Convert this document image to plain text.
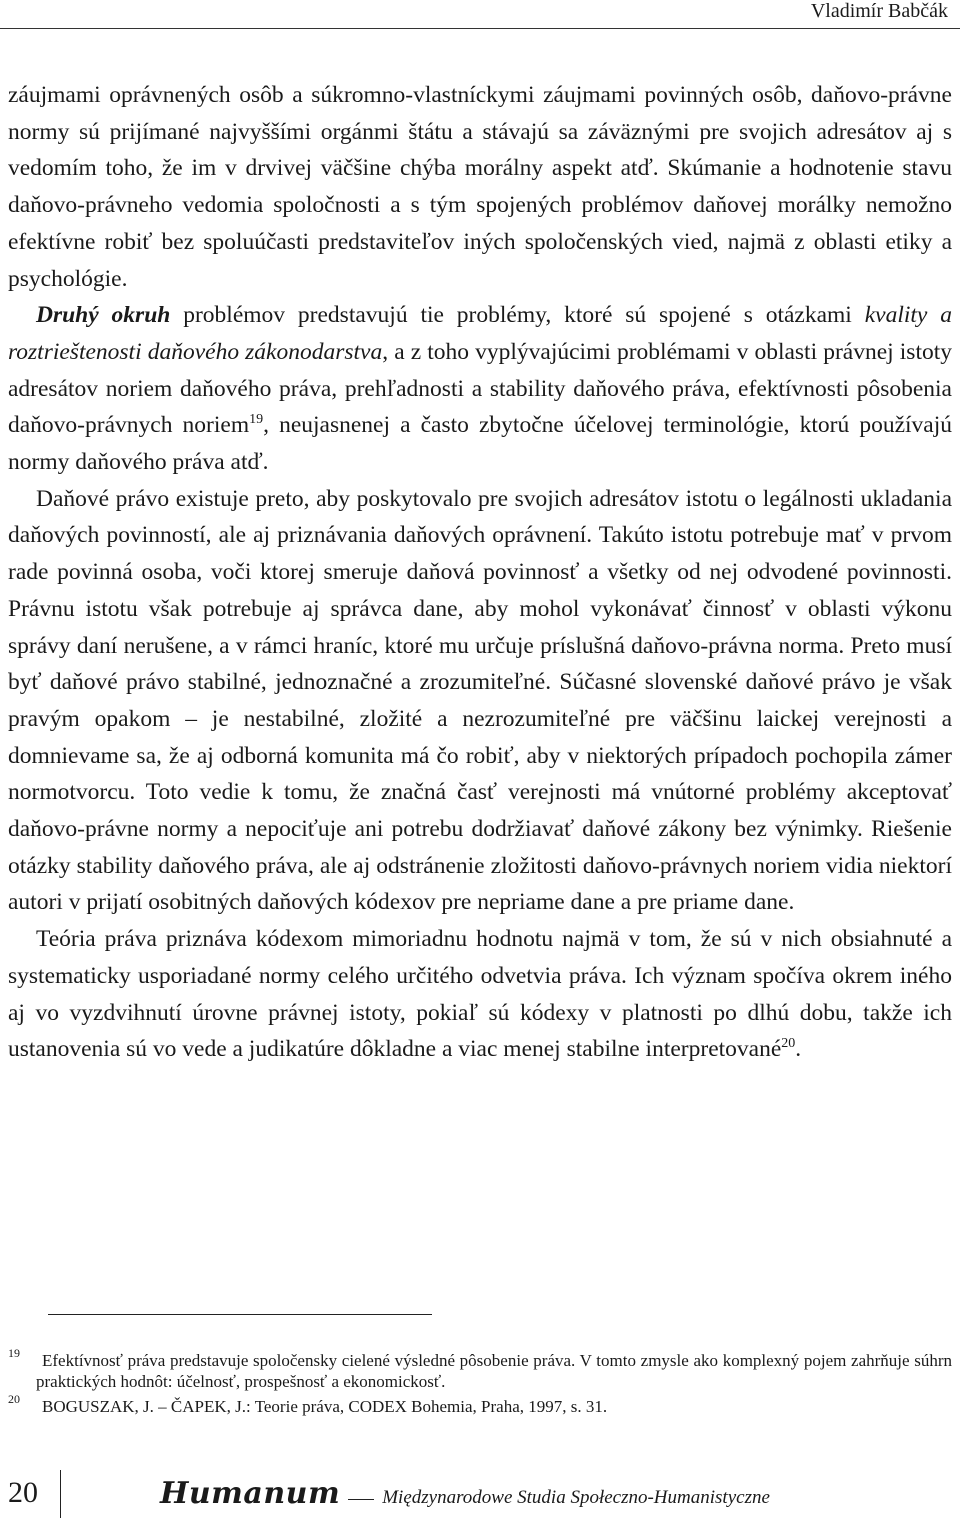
Vladimír Babčák

záujmami oprávnených osôb a súkromno-vlastníckymi záujmami povinných osôb, daňovo-právne normy sú prijímané najvyššími orgánmi štátu a stávajú sa záväznými pre svojich adresátov aj s vedomím toho, že im v drvivej väčšine chýba morálny aspekt atď. Skúmanie a hodnotenie stavu daňovo-právneho vedomia spoločnosti a s tým spojených problémov daňovej morálky nemožno efektívne robiť bez spoluúčasti predstaviteľov iných spoločenských vied, najmä z oblasti etiky a psychológie.

Druhý okruh problémov predstavujú tie problémy, ktoré sú spojené s otázkami kvality a roztrieštenosti daňového zákonodarstva, a z toho vyplývajúcimi problémami v oblasti právnej istoty adresátov noriem daňového práva, prehľadnosti a stability daňového práva, efektívnosti pôsobenia daňovo-právnych noriem$^{19}$, neujasnenej a často zbytočne účelovej terminológie, ktorú používajú normy daňového práva atď.

Daňové právo existuje preto, aby poskytovalo pre svojich adresátov istotu o legálnosti ukladania daňových povinností, ale aj priznávania daňových oprávnení. Takúto istotu potrebuje mať v prvom rade povinná osoba, voči ktorej smeruje daňová povinnosť a všetky od nej odvodené povinnosti. Právnu istotu však potrebuje aj správca dane, aby mohol vykonávať činnosť v oblasti výkonu správy daní nerušene, a v rámci hraníc, ktoré mu určuje príslušná daňovo-právna norma. Preto musí byť daňové právo stabilné, jednoznačné a zrozumiteľné. Súčasné slovenské daňové právo je však pravým opakom – je nestabilné, zložité a nezrozumiteľné pre väčšinu laickej verejnosti a domnievame sa, že aj odborná komunita má čo robiť, aby v niektorých prípadoch pochopila zámer normotvorcu. Toto vedie k tomu, že značná časť verejnosti má vnútorné problémy akceptovať daňovo-právne normy a nepociťuje ani potrebu dodržiavať daňové zákony bez výnimky. Riešenie otázky stability daňového práva, ale aj odstránenie zložitosti daňovo-právnych noriem vidia niektorí autori v prijatí osobitných daňových kódexov pre nepriame dane a pre priame dane.

Teória práva priznáva kódexom mimoriadnu hodnotu najmä v tom, že sú v nich obsiahnuté a systematicky usporiadané normy celého určitého odvetvia práva. Ich význam spočíva okrem iného aj vo vyzdvihnutí úrovne právnej istoty, pokiaľ sú kódexy v platnosti po dlhú dobu, takže ich ustanovenia sú vo vede a judikatúre dôkladne a viac menej stabilne interpretované$^{20}$.

19	Efektívnosť práva predstavuje spoločensky cielené výsledné pôsobenie práva. V tomto zmysle ako komplexný pojem zahrňuje súhrn praktických hodnôt: účelnosť, prospešnosť a ekonomickosť.
20	BOGUSZAK, J. – ČAPEK, J.: Teorie práva, CODEX Bohemia, Praha, 1997, s. 31.
20	Humanum Międzynarodowe Studia Społeczno-Humanistyczne
